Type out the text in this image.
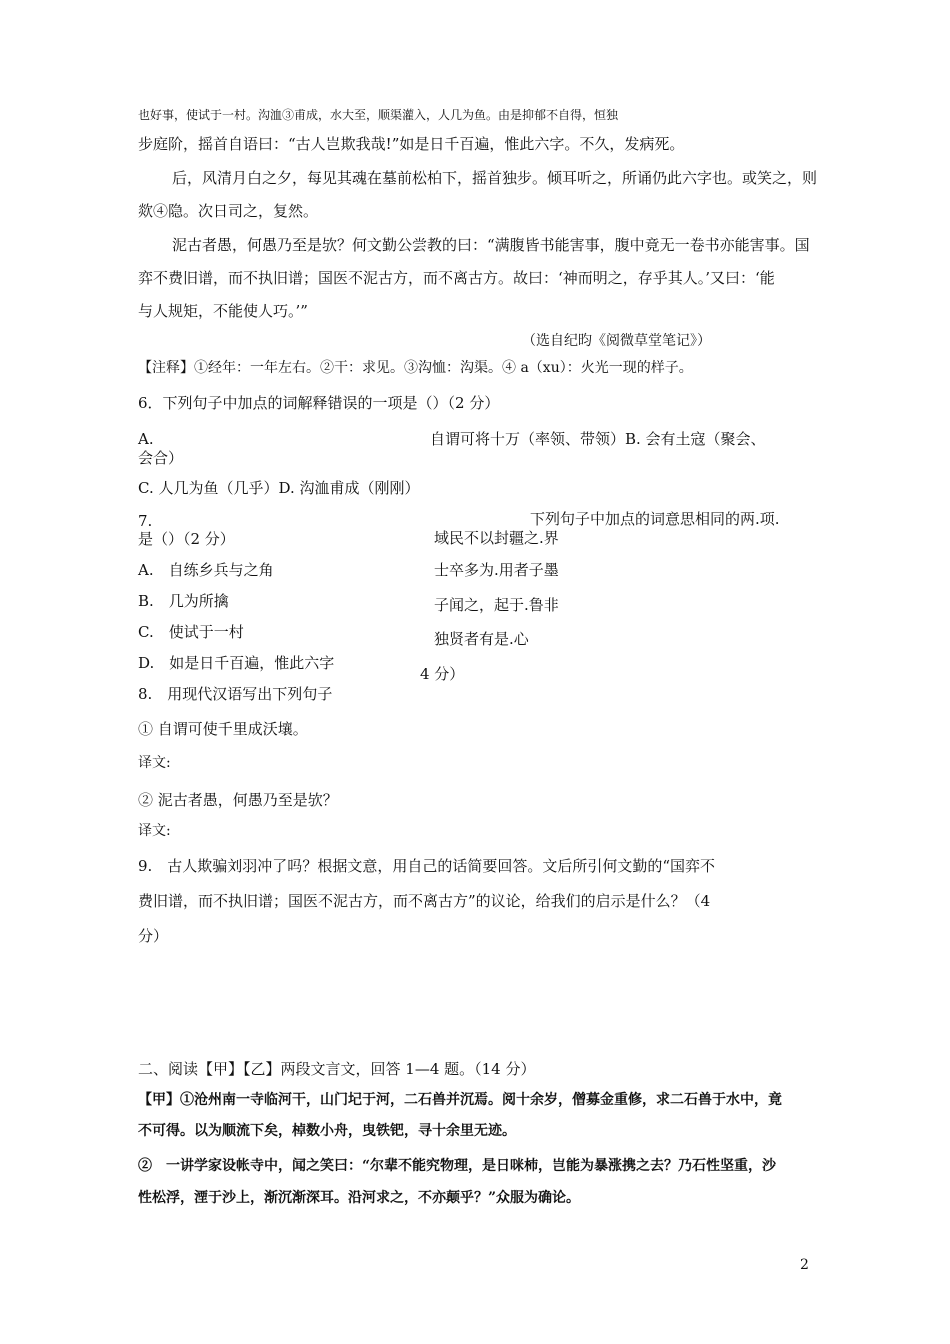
也好事，使试于一村。沟洫③甫成，水大至，顺渠灌入，人几为鱼。由是抑郁不自得，恒独
步庭阶，摇首自语曰：“古人岂欺我哉!”如是日千百遍，惟此六字。不久，发病死。
后，风清月白之夕，每见其魂在墓前松柏下，摇首独步。倾耳听之，所诵仍此六字也。或笑之，则
欻④隐。次日司之，复然。
泥古者愚，何愚乃至是欤？何文勤公尝教的曰：“满腹皆书能害事，腹中竟无一卷书亦能害事。国
弈不费旧谱，而不执旧谱；国医不泥古方，而不离古方。故曰：‘神而明之，存乎其人。’又曰：‘能
与人规矩，不能使人巧。’”
（选自纪昀《阅微草堂笔记》）
【注释】①经年：一年左右。②干：求见。③沟恤：沟渠。④ a（xu）：火光一现的样子。
6．下列句子中加点的词解释错误的一项是（）（2 分）
A.	自谓可将十万（率领、带领）B. 会有土寇（聚会、
会合）
C. 人几为鱼（几乎）D. 沟洫甫成（刚刚）
7.	下列句子中加点的词意思相同的两.项.
是（）（2 分）	域民不以封疆之.界
A.　自练乡兵与之角	士卒多为.用者子墨
B.　几为所擒	子闻之，起于.鲁非
C.　使试于一村	独贤者有是.心
D.　如是日千百遍，惟此六字
4 分）
8.　用现代汉语写出下列句子
① 自谓可使千里成沃壤。
译文:
② 泥古者愚，何愚乃至是欤？
译文:
9.　古人欺骗刘羽冲了吗？根据文意，用自己的话简要回答。文后所引何文勤的“国弈不
费旧谱，而不执旧谱；国医不泥古方，而不离古方”的议论，给我们的启示是什么？（4
分）
二、阅读【甲】【乙】两段文言文，回答 1—4 题。（14 分）
【甲】①沧州南一寺临河干，山门圮于河，二石兽并沉焉。阅十余岁，僧募金重修，求二石兽于水中，竟
不可得。以为顺流下矣，棹数小舟，曳铁钯，寻十余里无迹。
②　一讲学家设帐寺中，闻之笑曰：“尔辈不能究物理，是日咪杮，岂能为暴涨携之去？乃石性坚重，沙
性松浮，湮于沙上，渐沉渐深耳。沿河求之，不亦颠乎？”众服为确论。
2
